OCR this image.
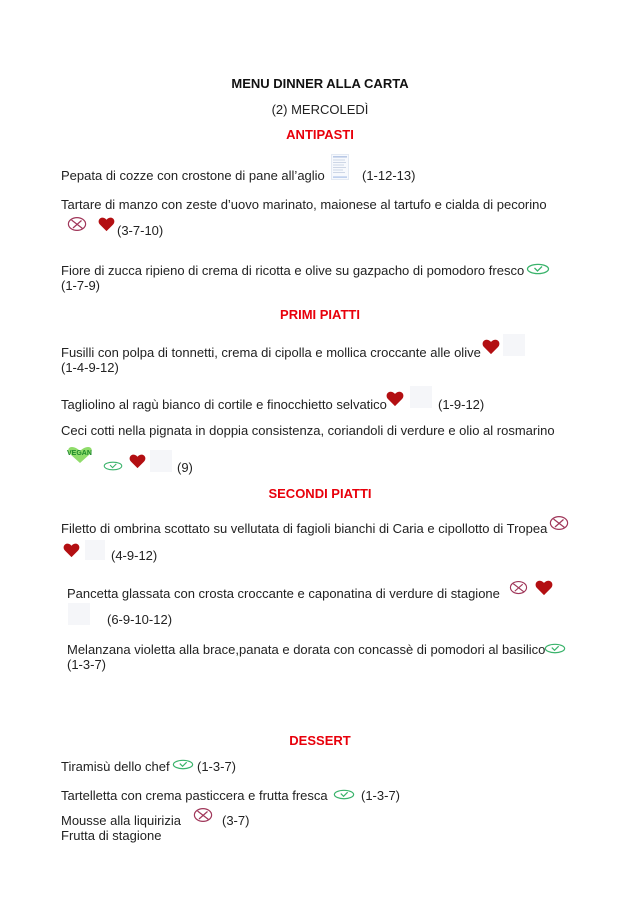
MENU DINNER ALLA CARTA
(2) MERCOLEDÌ
ANTIPASTI
Pepata di cozze con crostone di pane all’aglio	(1-12-13)
Tartare di manzo con zeste d’uovo marinato, maionese al tartufo e cialda di pecorino
(3-7-10)
Fiore di zucca ripieno di crema di ricotta e olive su gazpacho di pomodoro fresco
(1-7-9)
PRIMI PIATTI
Fusilli con polpa di tonnetti, crema di cipolla e mollica croccante alle olive
(1-4-9-12)
Tagliolino al ragù bianco di cortile e finocchietto selvatico	(1-9-12)
Ceci cotti nella pignata in doppia consistenza, coriandoli di verdure e olio al rosmarino
VEGAN
(9)
SECONDI PIATTI
Filetto di ombrina scottato su vellutata di fagioli bianchi di Caria e cipollotto di Tropea
(4-9-12)
Pancetta glassata con crosta croccante e caponatina di verdure di stagione
(6-9-10-12)
Melanzana violetta alla brace,panata e dorata con concassè di pomodori al basilico
(1-3-7)
DESSERT
Tiramisù dello chef (1-3-7)
Tartelletta con crema pasticcera e frutta fresca	(1-3-7)
Mousse alla liquirizia	(3-7)
Frutta di stagione
